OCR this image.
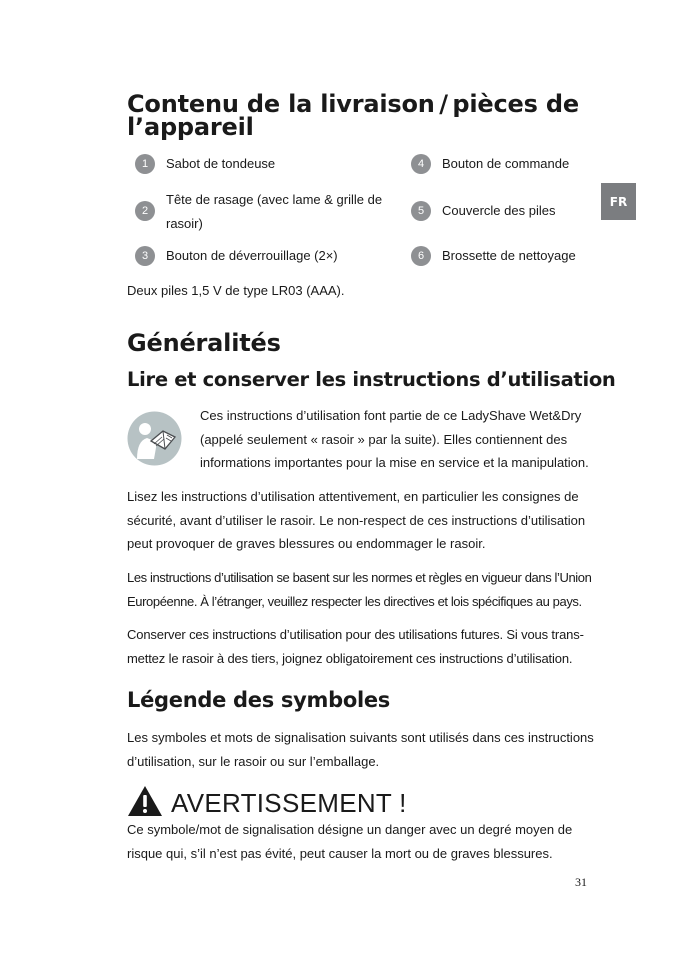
FR
Contenu de la livraison / pièces de
l’appareil
1	Sabot de tondeuse
2
Tête de rasage (avec lame & grille de
rasoir)
3	Bouton de déverrouillage (2×)
4	Bouton de commande
5	Couvercle des piles
6	Brossette de nettoyage
Deux piles 1,5 V de type LR03 (AAA).
Généralités
Lire et conserver les instructions d’utilisation
Ces instructions d’utilisation font partie de ce LadyShave Wet&Dry
(appelé seulement « rasoir » par la suite). Elles contiennent des
informations importantes pour la mise en service et la manipulation.
Lisez les instructions d’utilisation attentivement, en particulier les consignes de
sécurité, avant d’utiliser le rasoir. Le non-respect de ces instructions d’utilisation
peut provoquer de graves blessures ou endommager le rasoir.
Les instructions d’utilisation se basent sur les normes et règles en vigueur dans l’Union
Européenne. À l’étranger, veuillez respecter les directives et lois spécifiques au pays.
Conserver ces instructions d’utilisation pour des utilisations futures. Si vous trans-
mettez le rasoir à des tiers, joignez obligatoirement ces instructions d’utilisation.
Légende des symboles
Les symboles et mots de signalisation suivants sont utilisés dans ces instructions
d’utilisation, sur le rasoir ou sur l’emballage.
AVERTISSEMENT !
Ce symbole/mot de signalisation désigne un danger avec un degré moyen de
risque qui, s’il n’est pas évité, peut causer la mort ou de graves blessures.
31
